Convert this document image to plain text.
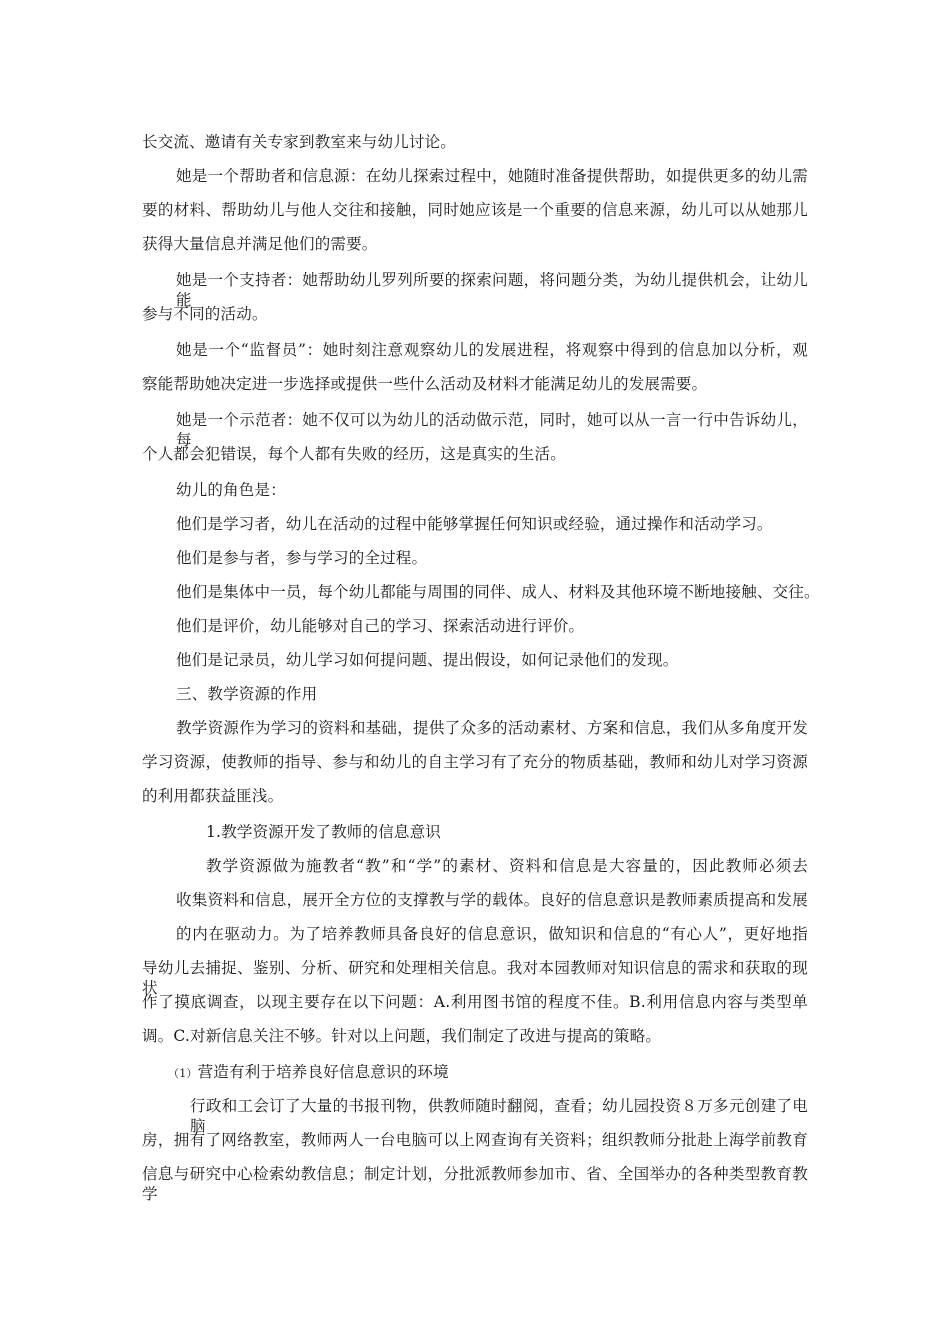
长交流、邀请有关专家到教室来与幼儿讨论。
她是一个帮助者和信息源：在幼儿探索过程中，她随时准备提供帮助，如提供更多的幼儿需
要的材料、帮助幼儿与他人交往和接触，同时她应该是一个重要的信息来源，幼儿可以从她那儿
获得大量信息并满足他们的需要。
她是一个支持者：她帮助幼儿罗列所要的探索问题，将问题分类，为幼儿提供机会，让幼儿能
参与不同的活动。
她是一个“监督员”：她时刻注意观察幼儿的发展进程，将观察中得到的信息加以分析，观
察能帮助她决定进一步选择或提供一些什么活动及材料才能满足幼儿的发展需要。
她是一个示范者：她不仅可以为幼儿的活动做示范，同时，她可以从一言一行中告诉幼儿，每
个人都会犯错误，每个人都有失败的经历，这是真实的生活。
幼儿的角色是：
他们是学习者，幼儿在活动的过程中能够掌握任何知识或经验，通过操作和活动学习。
他们是参与者，参与学习的全过程。
他们是集体中一员，每个幼儿都能与周围的同伴、成人、材料及其他环境不断地接触、交往。
他们是评价，幼儿能够对自己的学习、探索活动进行评价。
他们是记录员，幼儿学习如何提问题、提出假设，如何记录他们的发现。
三、教学资源的作用
教学资源作为学习的资料和基础，提供了众多的活动素材、方案和信息，我们从多角度开发
学习资源，使教师的指导、参与和幼儿的自主学习有了充分的物质基础，教师和幼儿对学习资源
的利用都获益匪浅。
1.教学资源开发了教师的信息意识
教学资源做为施教者“教”和“学”的素材、资料和信息是大容量的，因此教师必须去
收集资料和信息，展开全方位的支撑教与学的载体。良好的信息意识是教师素质提高和发展
的内在驱动力。为了培养教师具备良好的信息意识，做知识和信息的“有心人”，更好地指
导幼儿去捕捉、鉴别、分析、研究和处理相关信息。我对本园教师对知识信息的需求和获取的现状
作了摸底调查，以现主要存在以下问题：A.利用图书馆的程度不佳。B.利用信息内容与类型单
调。C.对新信息关注不够。针对以上问题，我们制定了改进与提高的策略。
（1）营造有利于培养良好信息意识的环境
行政和工会订了大量的书报刊物，供教师随时翻阅，查看；幼儿园投资８万多元创建了电脑
房，拥有了网络教室，教师两人一台电脑可以上网查询有关资料；组织教师分批赴上海学前教育
信息与研究中心检索幼教信息；制定计划，分批派教师参加市、省、全国举办的各种类型教育教学
